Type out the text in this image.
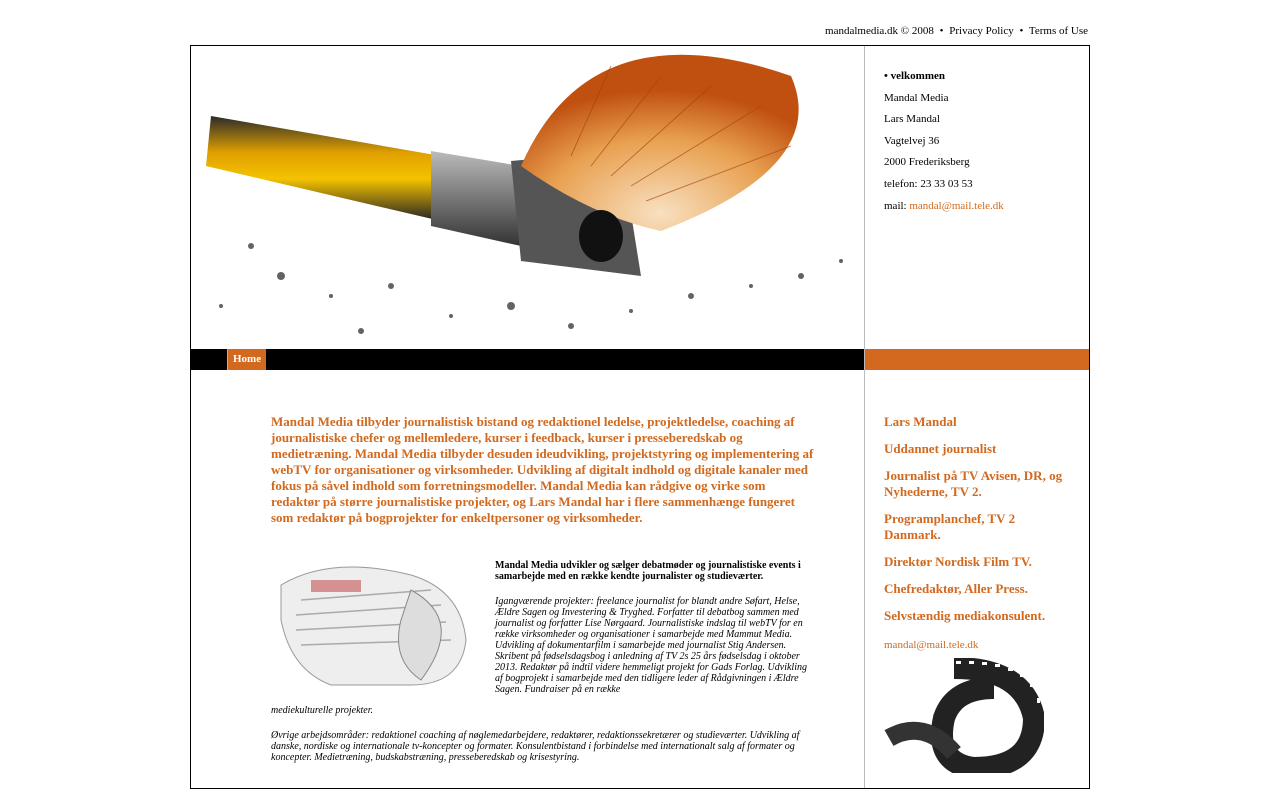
mandalmedia.dk © 2008 • Privacy Policy • Terms of Use
• velkommen
Mandal Media
Lars Mandal
Vagtelvej 36
2000 Frederiksberg
telefon: 23 33 03 53
mail: mandal@mail.tele.dk
Home

Mandal Media tilbyder journalistisk bistand og redaktionel ledelse, projektledelse, coaching af journalistiske chefer og mellemledere, kurser i feedback, kurser i presseberedskab og medietræning. Mandal Media tilbyder desuden ideudvikling, projektstyring og implementering af webTV for organisationer og virksomheder. Udvikling af digitalt indhold og digitale kanaler med fokus på såvel indhold som forretningsmodeller. Mandal Media kan rådgive og virke som redaktør på større journalistiske projekter, og Lars Mandal har i flere sammenhænge fungeret som redaktør på bogprojekter for enkeltpersoner og virksomheder.

Mandal Media udvikler og sælger debatmøder og journalistiske events i samarbejde med en række kendte journalister og studieværter.
Igangværende projekter: freelance journalist for blandt andre Søfart, Helse, Ældre Sagen og Investering & Tryghed. Forfatter til debatbog sammen med journalist og forfatter Lise Nørgaard. Journalistiske indslag til webTV for en række virksomheder og organisationer i samarbejde med Mammut Media. Udvikling af dokumentarfilm i samarbejde med journalist Stig Andersen. Skribent på fødselsdagsbog i anledning af TV 2s 25 års fødselsdag i oktober 2013. Redaktør på indtil videre hemmeligt projekt for Gads Forlag. Udvikling af bogprojekt i samarbejde med den tidligere leder af Rådgivningen i Ældre Sagen. Fundraiser på en række
mediekulturelle projekter.
Øvrige arbejdsområder: redaktionel coaching af nøglemedarbejdere, redaktører, redaktionssekretærer og studieværter. Udvikling af danske, nordiske og internationale tv-koncepter og formater. Konsulentbistand i forbindelse med internationalt salg af formater og koncepter. Medietræning, budskabstræning, presseberedskab og krisestyring.

Lars Mandal

Uddannet journalist

Journalist på TV Avisen, DR, og Nyhederne, TV 2.

Programplanchef, TV 2 Danmark.

Direktør Nordisk Film TV.

Chefredaktør, Aller Press.

Selvstændig mediakonsulent.

mandal@mail.tele.dk
